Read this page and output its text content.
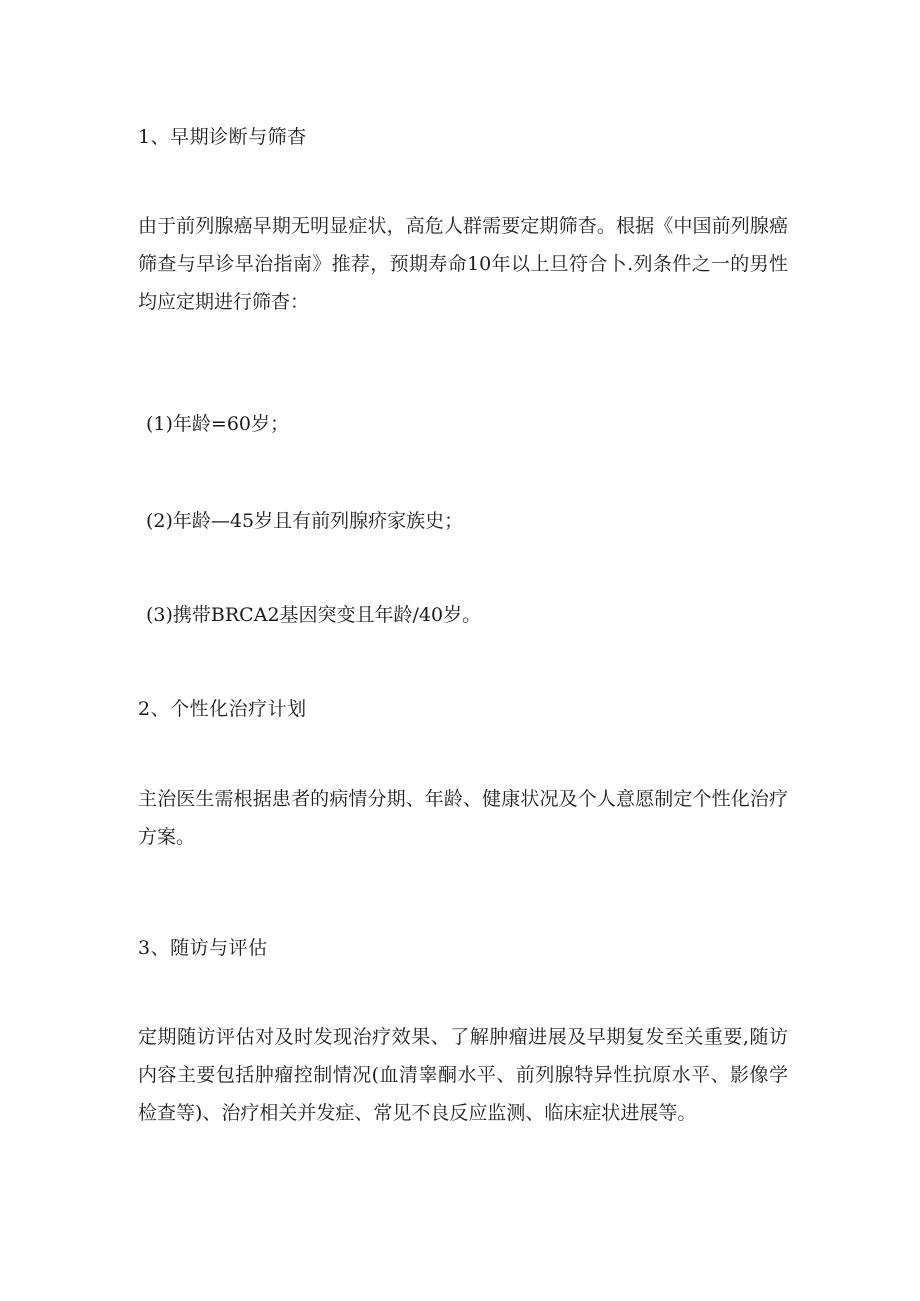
1、早期诊断与筛杳
由于前列腺癌早期无明显症状，高危人群需要定期筛杳。根据《中国前列腺癌筛查与早诊早治指南》推荐，预期寿命10年以上旦符合卜.列条件之一的男性均应定期进行筛杳：
(1)年龄=60岁；
(2)年龄—45岁且有前列腺疥家族史；
(3)携带BRCA2基因突变且年龄/40岁。
2、个性化治疗计划
主治医生需根据患者的病情分期、年龄、健康状况及个人意愿制定个性化治疗方案。
3、随访与评估
定期随访评估对及时发现治疗效果、了解肿瘤进展及早期复发至关重要,随访内容主要包括肿瘤控制情况(血清睾酮水平、前列腺特异性抗原水平、影像学检查等)、治疗相关并发症、常见不良反应监测、临床症状进展等。
